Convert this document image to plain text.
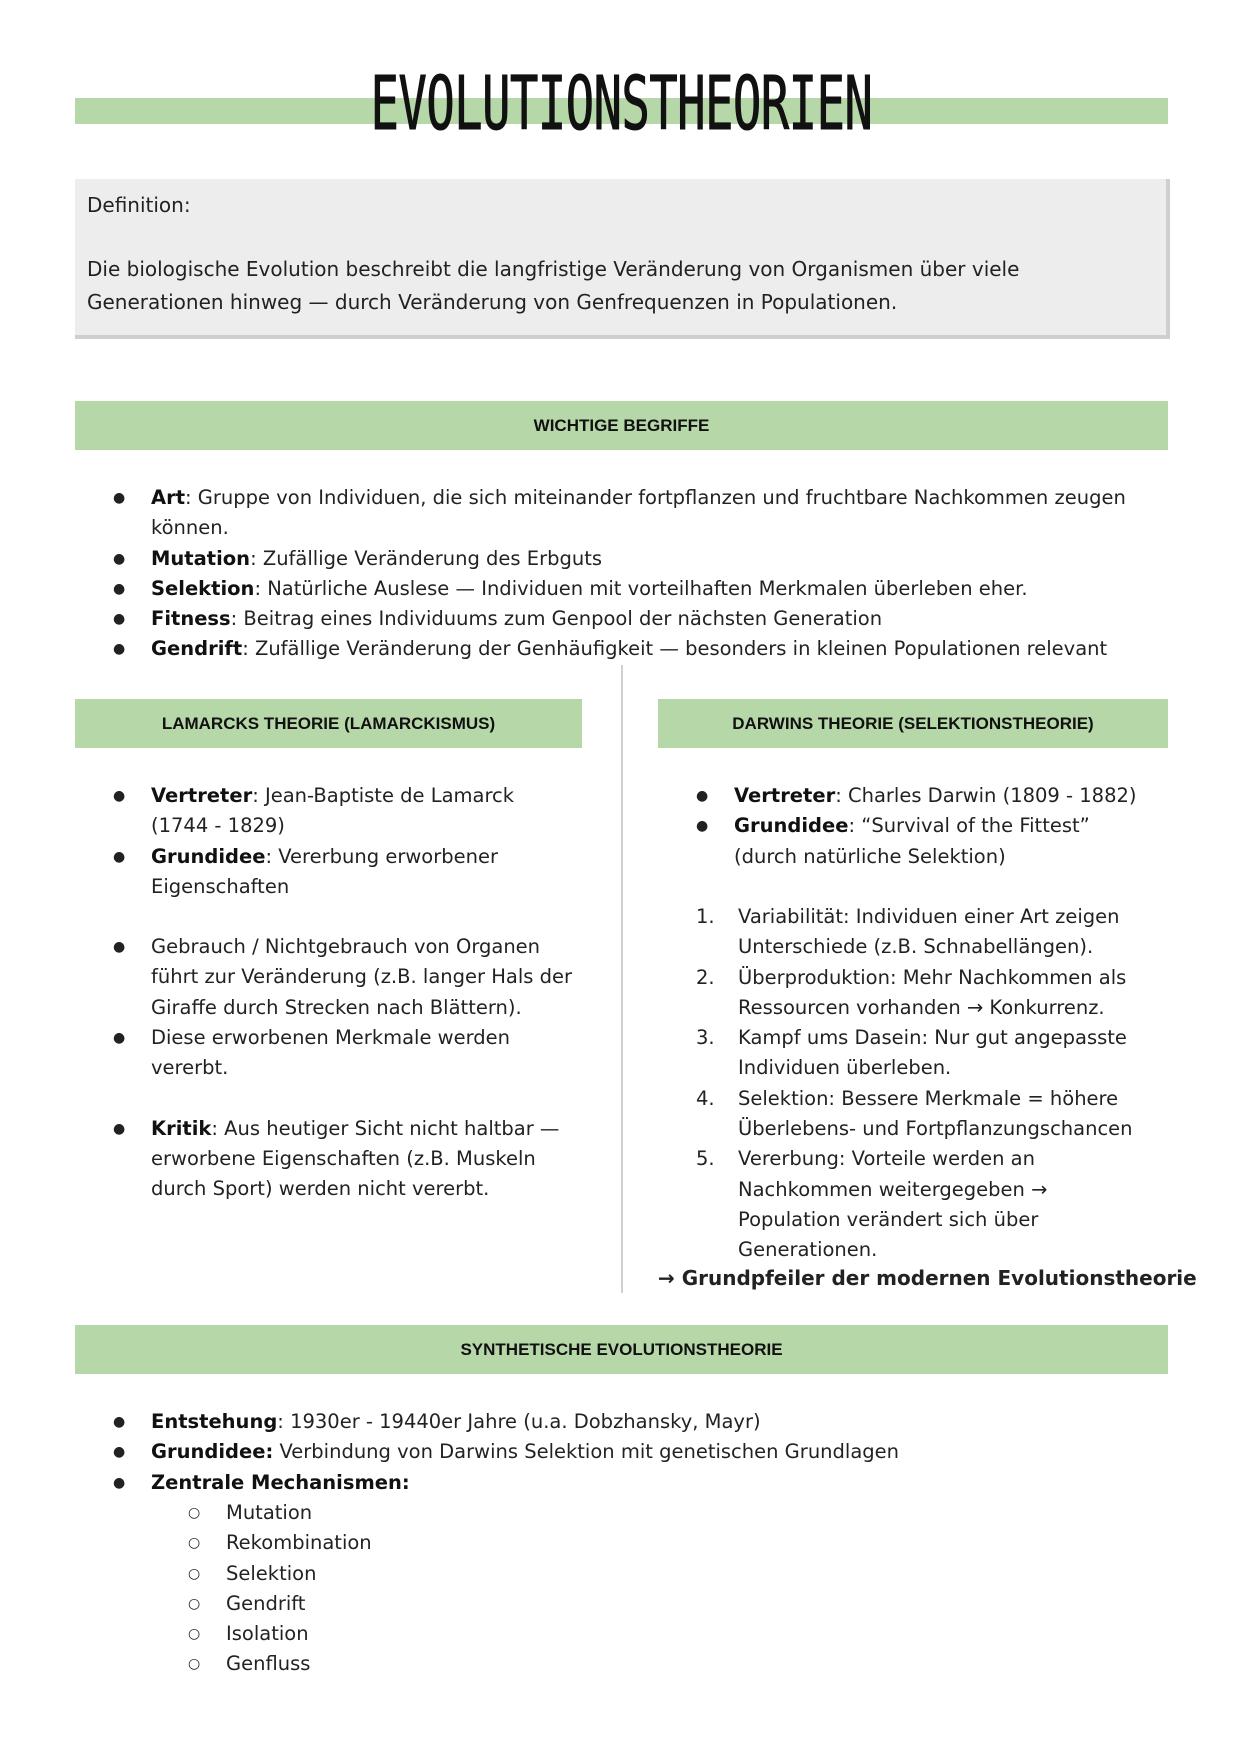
EVOLUTIONSTHEORIEN
Definition:
Die biologische Evolution beschreibt die langfristige Veränderung von Organismen über viele Generationen hinweg — durch Veränderung von Genfrequenzen in Populationen.
WICHTIGE BEGRIFFE
● Art: Gruppe von Individuen, die sich miteinander fortpflanzen und fruchtbare Nachkommen zeugen können.
● Mutation: Zufällige Veränderung des Erbguts
● Selektion: Natürliche Auslese — Individuen mit vorteilhaften Merkmalen überleben eher.
● Fitness: Beitrag eines Individuums zum Genpool der nächsten Generation
● Gendrift: Zufällige Veränderung der Genhäufigkeit — besonders in kleinen Populationen relevant
LAMARCKS THEORIE (LAMARCKISMUS)
● Vertreter: Jean-Baptiste de Lamarck (1744 - 1829)
● Grundidee: Vererbung erworbener Eigenschaften
● Gebrauch / Nichtgebrauch von Organen führt zur Veränderung (z.B. langer Hals der Giraffe durch Strecken nach Blättern).
● Diese erworbenen Merkmale werden vererbt.
● Kritik: Aus heutiger Sicht nicht haltbar — erworbene Eigenschaften (z.B. Muskeln durch Sport) werden nicht vererbt.
DARWINS THEORIE (SELEKTIONSTHEORIE)
● Vertreter: Charles Darwin (1809 - 1882)
● Grundidee: “Survival of the Fittest” (durch natürliche Selektion)
1. Variabilität: Individuen einer Art zeigen Unterschiede (z.B. Schnabellängen).
2. Überproduktion: Mehr Nachkommen als Ressourcen vorhanden → Konkurrenz.
3. Kampf ums Dasein: Nur gut angepasste Individuen überleben.
4. Selektion: Bessere Merkmale = höhere Überlebens- und Fortpflanzungschancen
5. Vererbung: Vorteile werden an Nachkommen weitergegeben → Population verändert sich über Generationen.
→ Grundpfeiler der modernen Evolutionstheorie
SYNTHETISCHE EVOLUTIONSTHEORIE
● Entstehung: 1930er - 19440er Jahre (u.a. Dobzhansky, Mayr)
● Grundidee: Verbindung von Darwins Selektion mit genetischen Grundlagen
● Zentrale Mechanismen:
○ Mutation
○ Rekombination
○ Selektion
○ Gendrift
○ Isolation
○ Genfluss
